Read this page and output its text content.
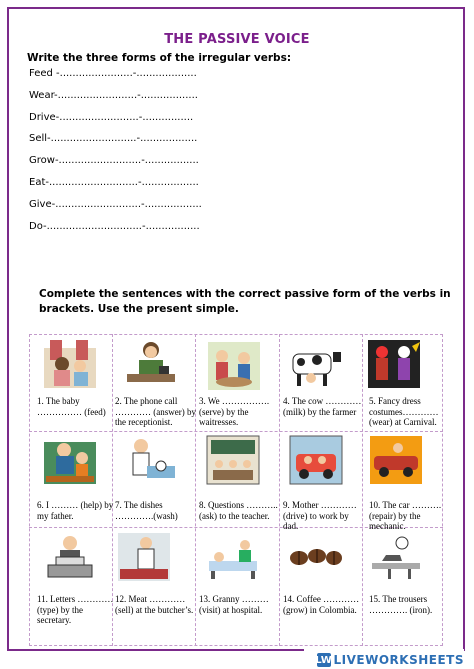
THE PASSIVE VOICE
Write the three forms of the irregular verbs:
Feed -.......................-...................
Wear-.........................-..................
Drive-.........................-................
Sell-...........................-..................
Grow-..........................-.................
Eat-............................-..................
Give-...........................-..................
Do-..............................-.................
Complete the sentences with the correct passive form of the verbs in brackets. Use the present simple.
1. The baby …………… (feed)
2. The phone call ………… (answer) by the receptionist.
3. We ……………. (serve) by the waitresses.
4. The cow ………… (milk) by the farmer
5. Fancy dress costumes………… (wear) at Carnival.
6. I ……… (help) by my father.
7. The dishes ………….(wash)
8. Questions ……….. (ask) to the teacher.
9. Mother ………… (drive) to work by dad.
10. The car ………. (repair) by the mechanic.
11. Letters ………… (type) by the secretary.
12. Meat ………… (sell) at the butcher’s.
13. Granny ……… (visit) at hospital.
14. Coffee ………… (grow) in Colombia.
15. The trousers …………. (iron).
LW LIVEWORKSHEETS
